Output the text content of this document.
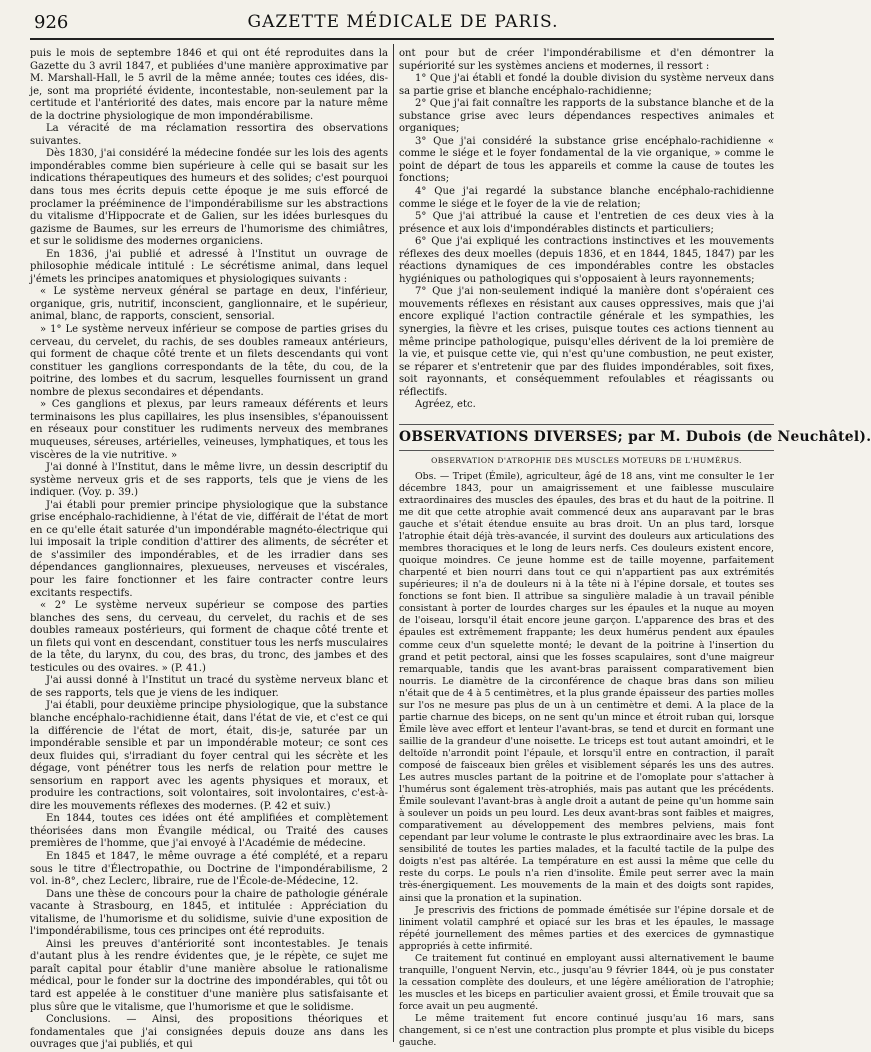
926	GAZETTE MÉDICALE DE PARIS.

puis le mois de septembre 1846 et qui ont été reproduites dans la Gazette du 3 avril 1847, et publiées d'une manière approximative par M. Marshall-Hall, le 5 avril de la même année; toutes ces idées, dis-je, sont ma propriété évidente, incontestable, non-seulement par la certitude et l'antériorité des dates, mais encore par la nature même de la doctrine physiologique de mon impondérabilisme.

La véracité de ma réclamation ressortira des observations suivantes.

Dès 1830, j'ai considéré la médecine fondée sur les lois des agents impondérables comme bien supérieure à celle qui se basait sur les indications thérapeutiques des humeurs et des solides; c'est pourquoi dans tous mes écrits depuis cette époque je me suis efforcé de proclamer la prééminence de l'impondérabilisme sur les abstractions du vitalisme d'Hippocrate et de Galien, sur les idées burlesques du gazisme de Baumes, sur les erreurs de l'humorisme des chimiâtres, et sur le solidisme des modernes organiciens.

En 1836, j'ai publié et adressé à l'Institut un ouvrage de philosophie médicale intitulé : Le sécrétisme animal, dans lequel j'émets les principes anatomiques et physiologiques suivants :

« Le système nerveux général se partage en deux, l'inférieur, organique, gris, nutritif, inconscient, ganglionnaire, et le supérieur, animal, blanc, de rapports, conscient, sensorial.

» 1° Le système nerveux inférieur se compose de parties grises du cerveau, du cervelet, du rachis, de ses doubles rameaux antérieurs, qui forment de chaque côté trente et un filets descendants qui vont constituer les ganglions correspondants de la tête, du cou, de la poitrine, des lombes et du sacrum, lesquelles fournissent un grand nombre de plexus secondaires et dépendants.

» Ces ganglions et plexus, par leurs rameaux déférents et leurs terminaisons les plus capillaires, les plus insensibles, s'épanouissent en réseaux pour constituer les rudiments nerveux des membranes muqueuses, séreuses, artérielles, veineuses, lymphatiques, et tous les viscères de la vie nutritive. »

J'ai donné à l'Institut, dans le même livre, un dessin descriptif du système nerveux gris et de ses rapports, tels que je viens de les indiquer. (Voy. p. 39.)

J'ai établi pour premier principe physiologique que la substance grise encéphalo-rachidienne, à l'état de vie, différait de l'état de mort en ce qu'elle était saturée d'un impondérable magnéto-électrique qui lui imposait la triple condition d'attirer des aliments, de sécréter et de s'assimiler des impondérables, et de les irradier dans ses dépendances ganglionnaires, plexueuses, nerveuses et viscérales, pour les faire fonctionner et les faire contracter contre leurs excitants respectifs.

« 2° Le système nerveux supérieur se compose des parties blanches des sens, du cerveau, du cervelet, du rachis et de ses doubles rameaux postérieurs, qui forment de chaque côté trente et un filets qui vont en descendant, constituer tous les nerfs musculaires de la tête, du larynx, du cou, des bras, du tronc, des jambes et des testicules ou des ovaires. » (P. 41.)

J'ai aussi donné à l'Institut un tracé du système nerveux blanc et de ses rapports, tels que je viens de les indiquer.

J'ai établi, pour deuxième principe physiologique, que la substance blanche encéphalo-rachidienne était, dans l'état de vie, et c'est ce qui la différencie de l'état de mort, était, dis-je, saturée par un impondérable sensible et par un impondérable moteur; ce sont ces deux fluides qui, s'irradiant du foyer central qui les sécrète et les dégage, vont pénétrer tous les nerfs de relation pour mettre le sensorium en rapport avec les agents physiques et moraux, et produire les contractions, soit volontaires, soit involontaires, c'est-à-dire les mouvements réflexes des modernes. (P. 42 et suiv.)

En 1844, toutes ces idées ont été amplifiées et complètement théorisées dans mon Évangile médical, ou Traité des causes premières de l'homme, que j'ai envoyé à l'Académie de médecine.

En 1845 et 1847, le même ouvrage a été complété, et a reparu sous le titre d'Électropathie, ou Doctrine de l'impondérabilisme, 2 vol. in-8°, chez Leclerc, libraire, rue de l'École-de-Médecine, 12.

Dans une thèse de concours pour la chaire de pathologie générale vacante à Strasbourg, en 1845, et intitulée : Appréciation du vitalisme, de l'humorisme et du solidisme, suivie d'une exposition de l'impondérabilisme, tous ces principes ont été reproduits.

Ainsi les preuves d'antériorité sont incontestables. Je tenais d'autant plus à les rendre évidentes que, je le répète, ce sujet me paraît capital pour établir d'une manière absolue le rationalisme médical, pour le fonder sur la doctrine des impondérables, qui tôt ou tard est appelée à le constituer d'une manière plus satisfaisante et plus sûre que le vitalisme, que l'humorisme et que le solidisme.

Conclusions. — Ainsi, des propositions théoriques et fondamentales que j'ai consignées depuis douze ans dans les ouvrages que j'ai publiés, et qui

ont pour but de créer l'impondérabilisme et d'en démontrer la supériorité sur les systèmes anciens et modernes, il ressort :

1° Que j'ai établi et fondé la double division du système nerveux dans sa partie grise et blanche encéphalo-rachidienne;

2° Que j'ai fait connaître les rapports de la substance blanche et de la substance grise avec leurs dépendances respectives animales et organiques;

3° Que j'ai considéré la substance grise encéphalo-rachidienne « comme le siége et le foyer fondamental de la vie organique, » comme le point de départ de tous les appareils et comme la cause de toutes les fonctions;

4° Que j'ai regardé la substance blanche encéphalo-rachidienne comme le siége et le foyer de la vie de relation;

5° Que j'ai attribué la cause et l'entretien de ces deux vies à la présence et aux lois d'impondérables distincts et particuliers;

6° Que j'ai expliqué les contractions instinctives et les mouvements réflexes des deux moelles (depuis 1836, et en 1844, 1845, 1847) par les réactions dynamiques de ces impondérables contre les obstacles hygiéniques ou pathologiques qui s'opposaient à leurs rayonnements;

7° Que j'ai non-seulement indiqué la manière dont s'opéraient ces mouvements réflexes en résistant aux causes oppressives, mais que j'ai encore expliqué l'action contractile générale et les sympathies, les synergies, la fièvre et les crises, puisque toutes ces actions tiennent au même principe pathologique, puisqu'elles dérivent de la loi première de la vie, et puisque cette vie, qui n'est qu'une combustion, ne peut exister, se réparer et s'entretenir que par des fluides impondérables, soit fixes, soit rayonnants, et conséquemment refoulables et réagissants ou réflectifs.

Agréez, etc.

OBSERVATIONS DIVERSES; par M. Dubois (de Neuchâtel).
OBSERVATION D'ATROPHIE DES MUSCLES MOTEURS DE L'HUMÉRUS.

Obs. — Tripet (Émile), agriculteur, âgé de 18 ans, vint me consulter le 1er décembre 1843, pour un amaigrissement et une faiblesse musculaire extraordinaires des muscles des épaules, des bras et du haut de la poitrine. Il me dit que cette atrophie avait commencé deux ans auparavant par le bras gauche et s'était étendue ensuite au bras droit. Un an plus tard, lorsque l'atrophie était déjà très-avancée, il survint des douleurs aux articulations des membres thoraciques et le long de leurs nerfs. Ces douleurs existent encore, quoique moindres. Ce jeune homme est de taille moyenne, parfaitement charpenté et bien nourri dans tout ce qui n'appartient pas aux extrémités supérieures; il n'a de douleurs ni à la tête ni à l'épine dorsale, et toutes ses fonctions se font bien. Il attribue sa singulière maladie à un travail pénible consistant à porter de lourdes charges sur les épaules et la nuque au moyen de l'oiseau, lorsqu'il était encore jeune garçon. L'apparence des bras et des épaules est extrêmement frappante; les deux humérus pendent aux épaules comme ceux d'un squelette monté; le devant de la poitrine à l'insertion du grand et petit pectoral, ainsi que les fosses scapulaires, sont d'une maigreur remarquable, tandis que les avant-bras paraissent comparativement bien nourris. Le diamètre de la circonférence de chaque bras dans son milieu n'était que de 4 à 5 centimètres, et la plus grande épaisseur des parties molles sur l'os ne mesure pas plus de un à un centimètre et demi. A la place de la partie charnue des biceps, on ne sent qu'un mince et étroit ruban qui, lorsque Émile lève avec effort et lenteur l'avant-bras, se tend et durcit en formant une saillie de la grandeur d'une noisette. Le triceps est tout autant amoindri, et le deltoïde n'arrondit point l'épaule, et lorsqu'il entre en contraction, il paraît composé de faisceaux bien grêles et visiblement séparés les uns des autres. Les autres muscles partant de la poitrine et de l'omoplate pour s'attacher à l'humérus sont également très-atrophiés, mais pas autant que les précédents. Émile soulevant l'avant-bras à angle droit a autant de peine qu'un homme sain à soulever un poids un peu lourd. Les deux avant-bras sont faibles et maigres, comparativement au développement des membres pelviens, mais font cependant par leur volume le contraste le plus extraordinaire avec les bras. La sensibilité de toutes les parties malades, et la faculté tactile de la pulpe des doigts n'est pas altérée. La température en est aussi la même que celle du reste du corps. Le pouls n'a rien d'insolite. Émile peut serrer avec la main très-énergiquement. Les mouvements de la main et des doigts sont rapides, ainsi que la pronation et la supination.

Je prescrivis des frictions de pommade émétisée sur l'épine dorsale et de liniment volatil camphré et opiacé sur les bras et les épaules, le massage répété journellement des mêmes parties et des exercices de gymnastique appropriés à cette infirmité.

Ce traitement fut continué en employant aussi alternativement le baume tranquille, l'onguent Nervin, etc., jusqu'au 9 février 1844, où je pus constater la cessation complète des douleurs, et une légère amélioration de l'atrophie; les muscles et les biceps en particulier avaient grossi, et Émile trouvait que sa force avait un peu augmenté.

Le même traitement fut encore continué jusqu'au 16 mars, sans changement, si ce n'est une contraction plus prompte et plus visible du biceps gauche.
